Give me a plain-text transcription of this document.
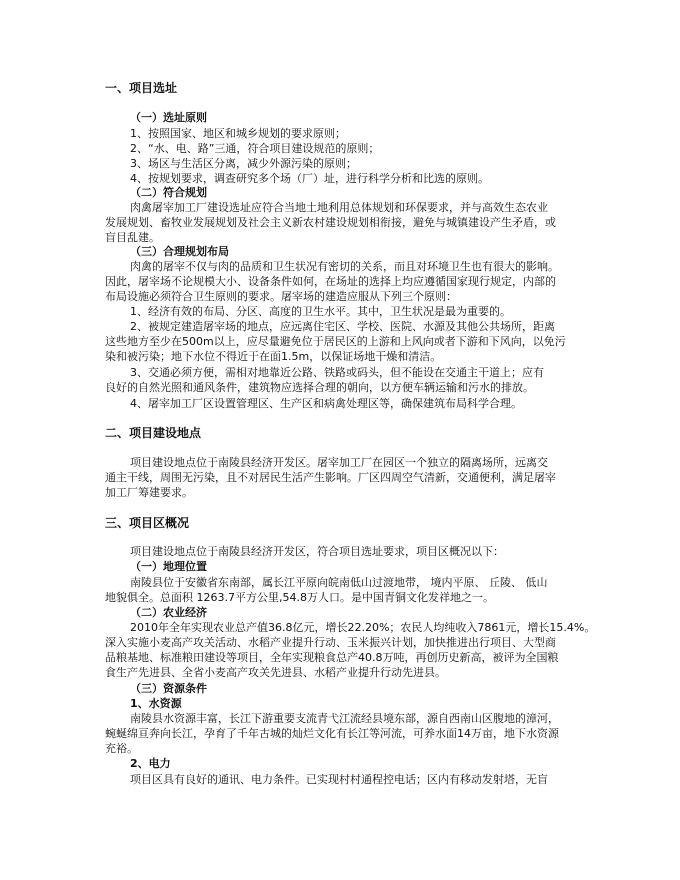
一、项目选址
（一）选址原则
1、按照国家、地区和城乡规划的要求原则；
2、“水、电、路”三通，符合项目建设规范的原则；
3、场区与生活区分离，减少外源污染的原则；
4、按规划要求，调查研究多个场（厂）址，进行科学分析和比选的原则。
（二）符合规划
肉禽屠宰加工厂建设选址应符合当地土地利用总体规划和环保要求，并与高效生态农业
发展规划、畜牧业发展规划及社会主义新农村建设规划相衔接，避免与城镇建设产生矛盾，或
盲目乱建。
（三）合理规划布局
肉禽的屠宰不仅与肉的品质和卫生状况有密切的关系，而且对环境卫生也有很大的影响。
因此，屠宰场不论规模大小、设备条件如何，在场址的选择上均应遵循国家现行规定，内部的
布局设施必须符合卫生原则的要求。屠宰场的建造应服从下列三个原则：
1、经济有效的布局、分区、高度的卫生水平。其中，卫生状况是最为重要的。
2、被规定建造屠宰场的地点，应远离住宅区、学校、医院、水源及其他公共场所，距离
这些地方至少在500m以上，应尽量避免位于居民区的上游和上风向或者下游和下风向，以免污
染和被污染；地下水位不得近于在面1.5m，以保证场地干燥和清洁。
3、交通必须方便，需相对地靠近公路、铁路或码头，但不能设在交通主干道上；应有
良好的自然光照和通风条件，建筑物应选择合理的朝向，以方便车辆运输和污水的排放。
4、屠宰加工厂区设置管理区、生产区和病禽处理区等，确保建筑布局科学合理。
二、项目建设地点
项目建设地点位于南陵县经济开发区。屠宰加工厂在园区一个独立的隔离场所，远离交
通主干线，周围无污染，且不对居民生活产生影响。厂区四周空气清新，交通便利，满足屠宰
加工厂筹建要求。
三、项目区概况
项目建设地点位于南陵县经济开发区，符合项目选址要求，项目区概况以下：
（一）地理位置
南陵县位于安徽省东南部，属长江平原向皖南低山过渡地带， 境内平原、 丘陵、 低山
地貌俱全。总面积 1263.7平方公里,54.8万人口。是中国青铜文化发祥地之一。
（二）农业经济
2010年全年实现农业总产值36.8亿元，增长22.20%；农民人均纯收入7861元，增长15.4%。
深入实施小麦高产攻关活动、水稻产业提升行动、玉米振兴计划，加快推进出行项目、大型商
品粮基地、标准粮田建设等项目，全年实现粮食总产40.8万吨，再创历史新高，被评为全国粮
食生产先进县、全省小麦高产攻关先进县、水稻产业提升行动先进县。
（三）资源条件
1、水资源
南陵县水资源丰富，长江下游重要支流青弋江流经县境东部，源自西南山区腹地的漳河，
蜿蜒绵亘奔向长江，孕育了千年古城的灿烂文化有长江等河流，可养水面14万亩，地下水资源
充裕。
2、电力
项目区具有良好的通讯、电力条件。已实现村村通程控电话；区内有移动发射塔，无盲
